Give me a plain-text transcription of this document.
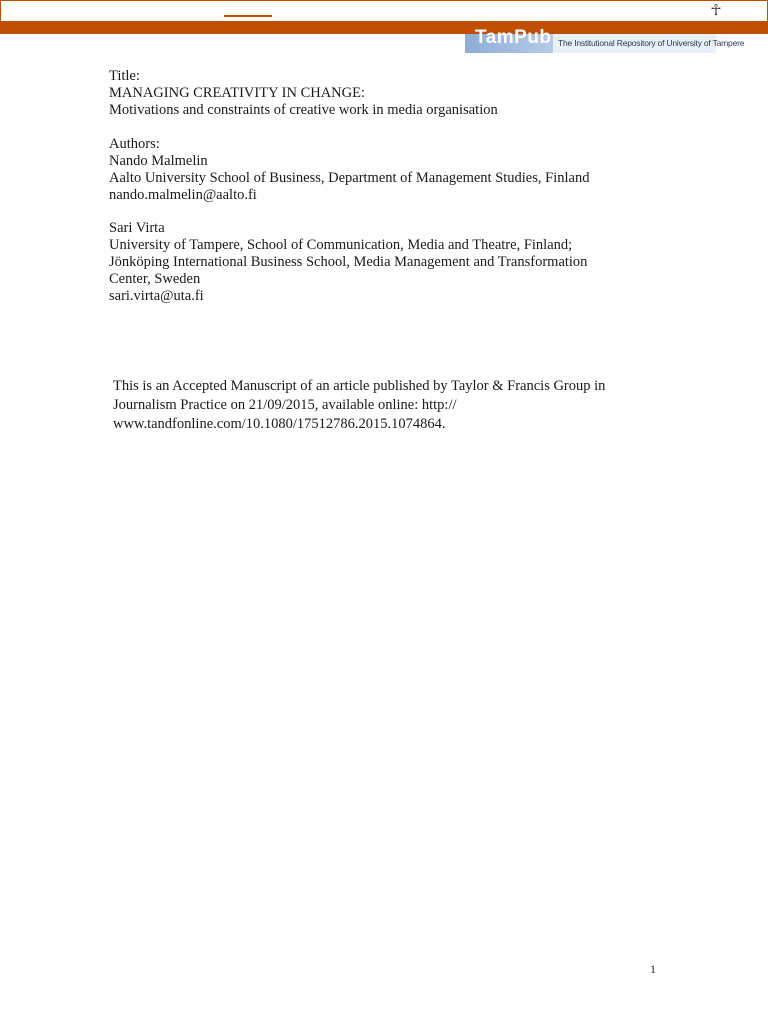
☥
TamPub The Institutional Repository of University of Tampere
Title:
MANAGING CREATIVITY IN CHANGE:
Motivations and constraints of creative work in media organisation
Authors:
Nando Malmelin
Aalto University School of Business, Department of Management Studies, Finland
nando.malmelin@aalto.fi
Sari Virta
University of Tampere, School of Communication, Media and Theatre, Finland;
Jönköping International Business School, Media Management and Transformation
Center, Sweden
sari.virta@uta.fi
This is an Accepted Manuscript of an article published by Taylor & Francis Group in
Journalism Practice on 21/09/2015, available online: http://
www.tandfonline.com/10.1080/17512786.2015.1074864.
1
